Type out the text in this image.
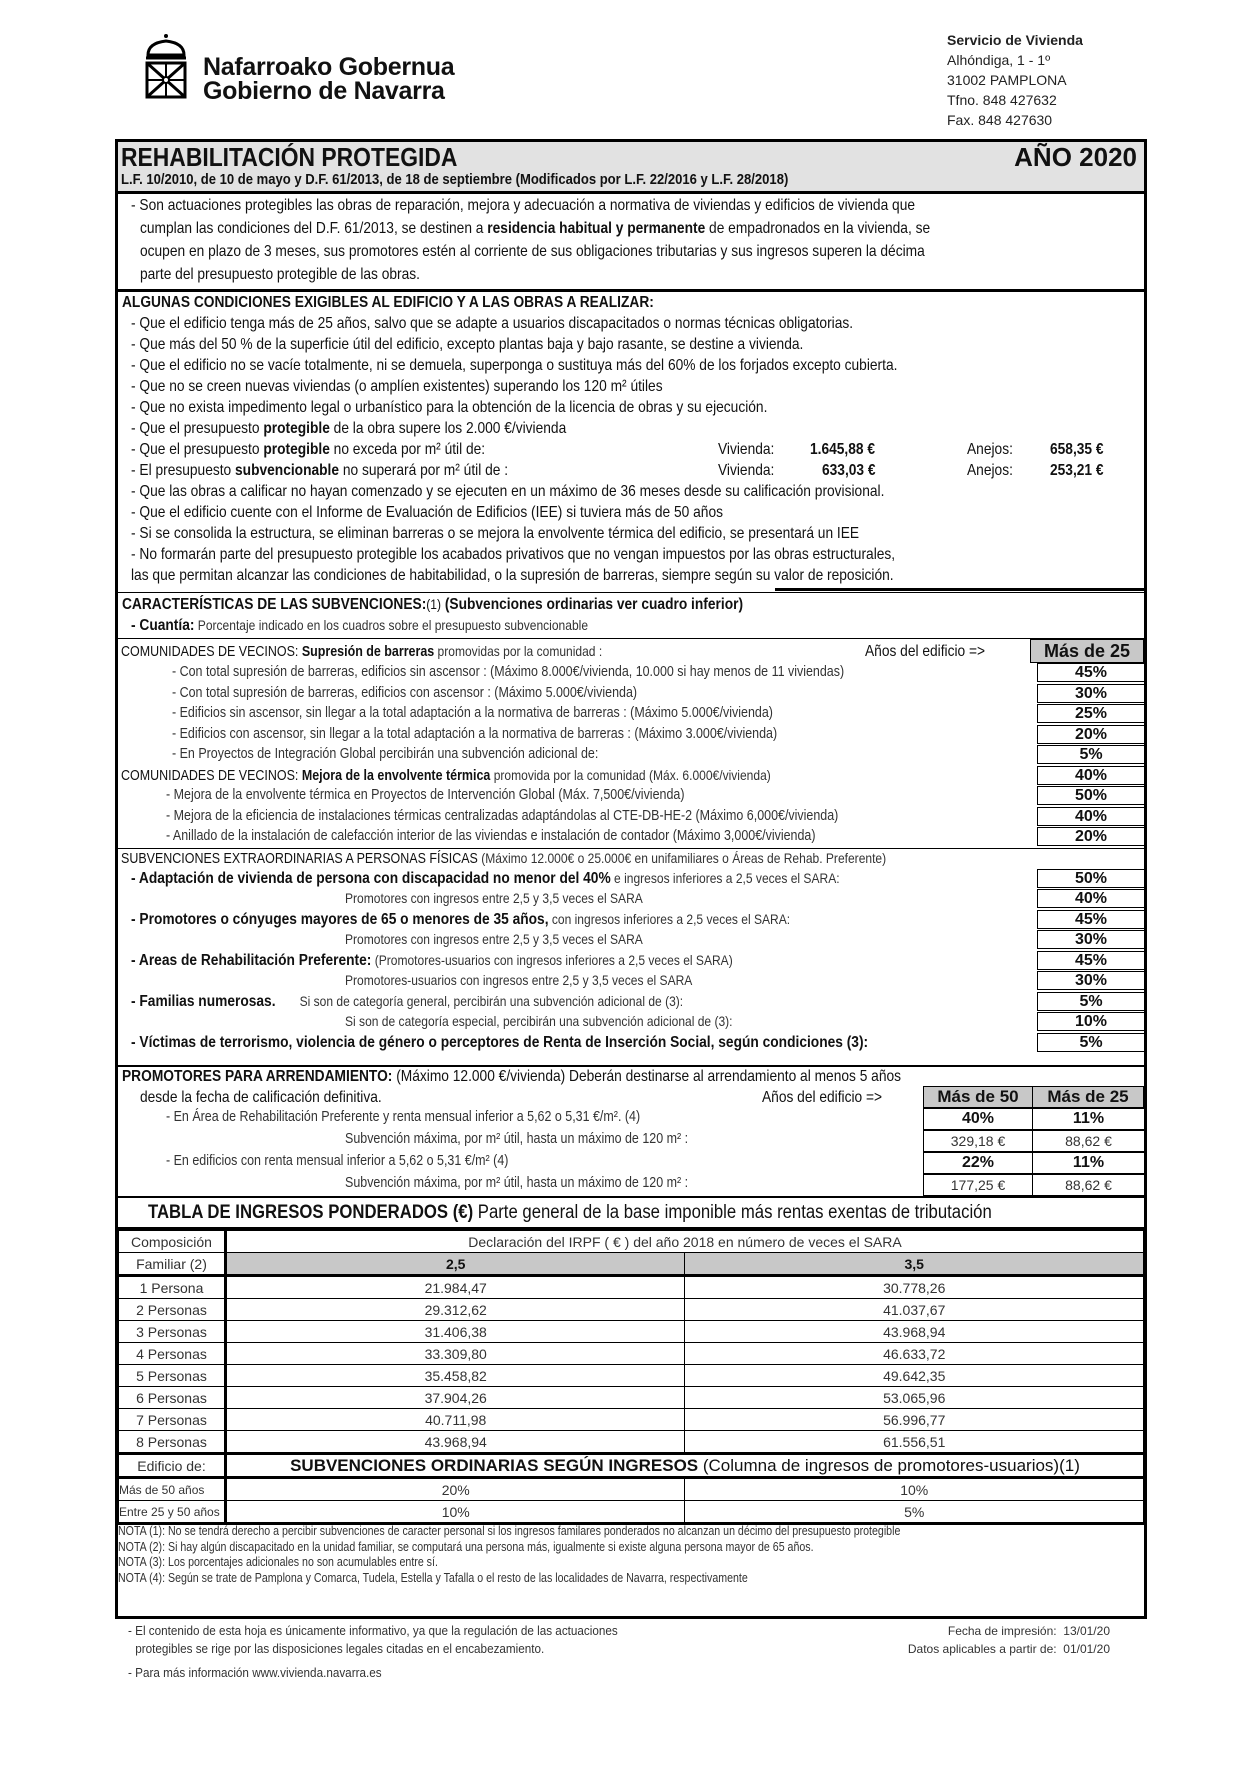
Nafarroako Gobernua
Gobierno de Navarra
Servicio de Vivienda
Alhóndiga, 1 - 1º
31002 PAMPLONA
Tfno. 848 427632
Fax. 848 427630
REHABILITACIÓN PROTEGIDA	AÑO 2020
L.F. 10/2010, de 10 de mayo y D.F. 61/2013, de 18 de septiembre (Modificados por L.F. 22/2016 y L.F. 28/2018)
- Son actuaciones protegibles las obras de reparación, mejora y adecuación a normativa de viviendas y edificios de vivienda que
cumplan las condiciones del D.F. 61/2013, se destinen a residencia habitual y permanente de empadronados en la vivienda, se
ocupen en plazo de 3 meses, sus promotores estén al corriente de sus obligaciones tributarias y sus ingresos superen la décima
parte del presupuesto protegible de las obras.
ALGUNAS CONDICIONES EXIGIBLES AL EDIFICIO Y A LAS OBRAS A REALIZAR:
- Que el edificio tenga más de 25 años, salvo que se adapte a usuarios discapacitados o normas técnicas obligatorias.
- Que más del 50 % de la superficie útil del edificio, excepto plantas baja y bajo rasante, se destine a vivienda.
- Que el edificio no se vacíe totalmente, ni se demuela, superponga o sustituya más del 60% de los forjados excepto cubierta.
- Que no se creen nuevas viviendas (o amplíen existentes) superando los 120 m² útiles
- Que no exista impedimento legal o urbanístico para la obtención de la licencia de obras y su ejecución.
- Que el presupuesto protegible de la obra supere los 2.000 €/vivienda
- Que el presupuesto protegible no exceda por m² útil de:	Vivienda: 1.645,88 €	Anejos: 658,35 €
- El presupuesto subvencionable no superará por m² útil de :	Vivienda:	633,03 €	Anejos: 253,21 €
- Que las obras a calificar no hayan comenzado y se ejecuten en un máximo de 36 meses desde su calificación provisional.
- Que el edificio cuente con el Informe de Evaluación de Edificios (IEE) si tuviera más de 50 años
- Si se consolida la estructura, se eliminan barreras o se mejora la envolvente térmica del edificio, se presentará un IEE
- No formarán parte del presupuesto protegible los acabados privativos que no vengan impuestos por las obras estructurales,
las que permitan alcanzar las condiciones de habitabilidad, o la supresión de barreras, siempre según su valor de reposición.
CARACTERÍSTICAS DE LAS SUBVENCIONES:(1) (Subvenciones ordinarias ver cuadro inferior)
- Cuantía: Porcentaje indicado en los cuadros sobre el presupuesto subvencionable
COMUNIDADES DE VECINOS: Supresión de barreras promovidas por la comunidad :	Años del edificio =>	Más de 25
- Con total supresión de barreras, edificios sin ascensor : (Máximo 8.000€/vivienda, 10.000 si hay menos de 11 viviendas)	45%
- Con total supresión de barreras, edificios con ascensor : (Máximo 5.000€/vivienda)	30%
- Edificios sin ascensor, sin llegar a la total adaptación a la normativa de barreras : (Máximo 5.000€/vivienda)	25%
- Edificios con ascensor, sin llegar a la total adaptación a la normativa de barreras : (Máximo 3.000€/vivienda)	20%
- En Proyectos de Integración Global percibirán una subvención adicional de:	5%
COMUNIDADES DE VECINOS: Mejora de la envolvente térmica promovida por la comunidad (Máx. 6.000€/vivienda)	40%
- Mejora de la envolvente térmica en Proyectos de Intervención Global (Máx. 7,500€/vivienda)	50%
- Mejora de la eficiencia de instalaciones térmicas centralizadas adaptándolas al CTE-DB-HE-2 (Máximo 6,000€/vivienda)	40%
- Anillado de la instalación de calefacción interior de las viviendas e instalación de contador (Máximo 3,000€/vivienda)	20%
SUBVENCIONES EXTRAORDINARIAS A PERSONAS FÍSICAS (Máximo 12.000€ o 25.000€ en unifamiliares o Áreas de Rehab. Preferente)
- Adaptación de vivienda de persona con discapacidad no menor del 40% e ingresos inferiores a 2,5 veces el SARA:	50%
Promotores con ingresos entre 2,5 y 3,5 veces el SARA	40%
- Promotores o cónyuges mayores de 65 o menores de 35 años, con ingresos inferiores a 2,5 veces el SARA:	45%
Promotores con ingresos entre 2,5 y 3,5 veces el SARA	30%
- Areas de Rehabilitación Preferente: (Promotores-usuarios con ingresos inferiores a 2,5 veces el SARA)	45%
Promotores-usuarios con ingresos entre 2,5 y 3,5 veces el SARA	30%
- Familias numerosas. Si son de categoría general, percibirán una subvención adicional de (3):	5%
Si son de categoría especial, percibirán una subvención adicional de (3):	10%
- Víctimas de terrorismo, violencia de género o perceptores de Renta de Inserción Social, según condiciones (3):	5%
PROMOTORES PARA ARRENDAMIENTO: (Máximo 12.000 €/vivienda) Deberán destinarse al arrendamiento al menos 5 años
desde la fecha de calificación definitiva.	Años del edificio =>	Más de 50	Más de 25
- En Área de Rehabilitación Preferente y renta mensual inferior a 5,62 o 5,31 €/m². (4)	40%	11%
Subvención máxima, por m² útil, hasta un máximo de 120 m² :	329,18 €	88,62 €
- En edificios con renta mensual inferior a 5,62 o 5,31 €/m² (4)	22%	11%
Subvención máxima, por m² útil, hasta un máximo de 120 m² :	177,25 €	88,62 €
TABLA DE INGRESOS PONDERADOS (€) Parte general de la base imponible más rentas exentas de tributación
Composición	Declaración del IRPF ( € ) del año 2018 en número de veces el SARA	
Familiar (2)	2,5	3,5
1 Persona	21.984,47	30.778,26
2 Personas	29.312,62	41.037,67
3 Personas	31.406,38	43.968,94
4 Personas	33.309,80	46.633,72
5 Personas	35.458,82	49.642,35
6 Personas	37.904,26	53.065,96
7 Personas	40.711,98	56.996,77
8 Personas	43.968,94	61.556,51
Edificio de:	SUBVENCIONES ORDINARIAS SEGÚN INGRESOS (Columna de ingresos de promotores-usuarios)(1)	
Más de 50 años	20%	10%
Entre 25 y 50 años	10%	5%
NOTA (1): No se tendrá derecho a percibir subvenciones de caracter personal si los ingresos familares ponderados no alcanzan un décimo del presupuesto protegible
NOTA (2): Si hay algún discapacitado en la unidad familiar, se computará una persona más, igualmente si existe alguna persona mayor de 65 años.
NOTA (3): Los porcentajes adicionales no son acumulables entre sí.
NOTA (4): Según se trate de Pamplona y Comarca, Tudela, Estella y Tafalla o el resto de las localidades de Navarra, respectivamente
- El contenido de esta hoja es únicamente informativo, ya que la regulación de las actuaciones
protegibles se rige por las disposiciones legales citadas en el encabezamiento.
Fecha de impresión: 13/01/20
Datos aplicables a partir de: 01/01/20
- Para más información www.vivienda.navarra.es
